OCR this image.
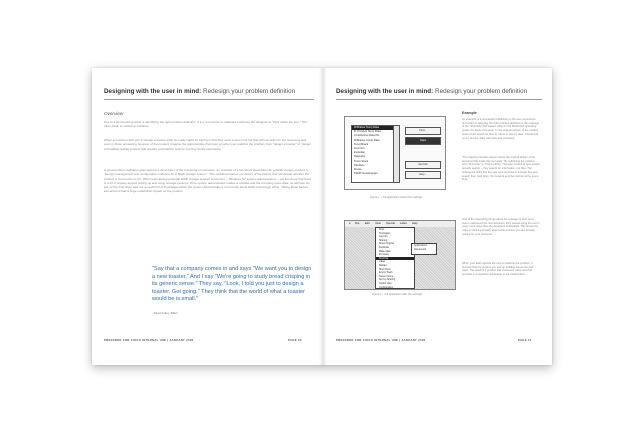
Designing with the user in mind: Redesign your problem definition
Overview

Key to a successful product is identifying the right problem definition. If it is too narrow or awkward it will lose the designer to "think within the box." This often leads to mediocre solutions.

When a customer tells you to design a toaster what he really might be saying is that they need a nice crust but that will constrain for the taxonomy and even in these answering because of the product. Imagine the opportunities that open up when you redefine the problem from "design a toaster" to "design a breakfast related product that creates a wonderful, texture morning family experience."

A good problem definition goes beyond a description of the functional components. An example of a functional description for a RAID storage product is "Design management and configuration software for a RAID storage system." This redefined names our theory of the factors that will decide whether the product is successful or not. When interviewing potential RAID storage product customers -- Windows NT system administrators -- we found out that there is a lot of anxiety around setting up and using storage systems. If the system administrator makes a mistake and the company loses data, he will lose his job. At the time there was not an awful lot of knowledge within the system administrator's community about RAID technology either. Taking these factors into account had a huge redefinition impact on the product.

"Say that a company comes in and says "We want you to design a new toaster." And I say "We're going to study bread crisping in its generic sense." They say, "Look, I told you just to design a toaster. Get going." They think that the world of what a toaster would be is small."

- David Kelley, IDEO
PREPARED FOR CISCO INTERNAL USE | JANUARY 2000	PAGE 20
Designing with the user in mind: Redesign your problem definition
RISNews Temp Data
R: ProVent Temp Data
Ch Ethernet Data Pkt
RISNews Comp Data
TempShack
Incorrect
Evolution
Networks
Temp Stock
Paintbox
Flores
TEMP Grasshopper
Find...
Open
Get Info
Help...
Figure 1 -- the application before the redesign
● File Edit View Special Label Help
Find...
Find Again
Get Info
Sharing...
Show Original
Duplicate
Make Alias
Put Away
Find File
Label
Restart
Shut Down
Empty Trash
Recent Items
Set Up Sharing
Switch User
Configuration
Applications
Documents
Figure 2 -- the application after the redesign
Example

An example of a successful redefinition is the user experience and action in adopting the right problem definition is the redesign of the "Sherlock" find feature utility for the Macintosh operating system by Apple Computer. In the original version of the product, users could search for files by name or size by date, criteria and so on, but the utility was slow and confusing.

"The drawing interface above shows the original design of the functions that made this tool work." By redefining the problem from "find a file" to "find anything," the team looked at how people actually search -- they search for information, not files. The redesigned utility lets the user type anything in a single box and search their hard drive, the network and the Internet at the same time.

One of the interesting things about the redesign is that, once users understood the new definition, they started using the tool in many more ways than the designers anticipated. This shows the value of thinking broadly about what problem you are actually solving for your customer.

When your team spends the time to redefine the problem, it ensures that the product you end up building solves the real need. The result is a product that customers value and that provides a competitive advantage in the marketplace.

PREPARED FOR CISCO INTERNAL USE | JANUARY 2000	PAGE 21
